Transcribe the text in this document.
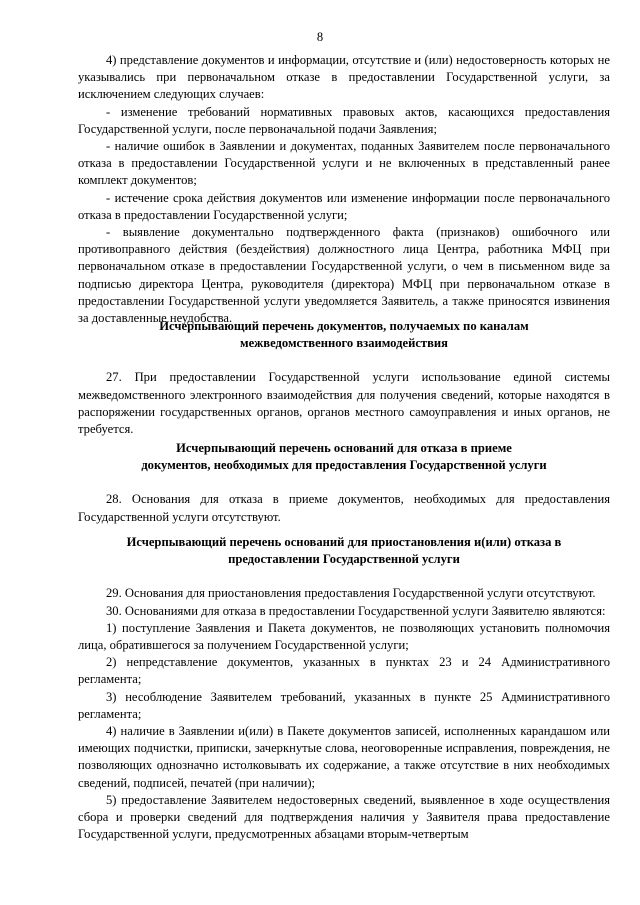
8

4) представление документов и информации, отсутствие и (или) недостоверность которых не указывались при первоначальном отказе в предоставлении Государственной услуги, за исключением следующих случаев:

- изменение требований нормативных правовых актов, касающихся предоставления Государственной услуги, после первоначальной подачи Заявления;

- наличие ошибок в Заявлении и документах, поданных Заявителем после первоначального отказа в предоставлении Государственной услуги и не включенных в представленный ранее комплект документов;

- истечение срока действия документов или изменение информации после первоначального отказа в предоставлении Государственной услуги;

- выявление документально подтвержденного факта (признаков) ошибочного или противоправного действия (бездействия) должностного лица Центра, работника МФЦ при первоначальном отказе в предоставлении Государственной услуги, о чем в письменном виде за подписью директора Центра, руководителя (директора) МФЦ при первоначальном отказе в предоставлении Государственной услуги уведомляется Заявитель, а также приносятся извинения за доставленные неудобства.

Исчерпывающий перечень документов, получаемых по каналам
межведомственного взаимодействия

27. При предоставлении Государственной услуги использование единой системы межведомственного электронного взаимодействия для получения сведений, которые находятся в распоряжении государственных органов, органов местного самоуправления и иных органов, не требуется.

Исчерпывающий перечень оснований для отказа в приеме
документов, необходимых для предоставления Государственной услуги

28. Основания для отказа в приеме документов, необходимых для предоставления Государственной услуги отсутствуют.

Исчерпывающий перечень оснований для приостановления и(или) отказа в
предоставлении Государственной услуги

29. Основания для приостановления предоставления Государственной услуги отсутствуют.

30. Основаниями для отказа в предоставлении Государственной услуги Заявителю являются:

1) поступление Заявления и Пакета документов, не позволяющих установить полномочия лица, обратившегося за получением Государственной услуги;

2) непредставление документов, указанных в пунктах 23 и 24 Административного регламента;

3) несоблюдение Заявителем требований, указанных в пункте 25 Административного регламента;

4) наличие в Заявлении и(или) в Пакете документов записей, исполненных карандашом или имеющих подчистки, приписки, зачеркнутые слова, неоговоренные исправления, повреждения, не позволяющих однозначно истолковывать их содержание, а также отсутствие в них необходимых сведений, подписей, печатей (при наличии);

5) предоставление Заявителем недостоверных сведений, выявленное в ходе осуществления сбора и проверки сведений для подтверждения наличия у Заявителя права предоставление Государственной услуги, предусмотренных абзацами вторым-четвертым
